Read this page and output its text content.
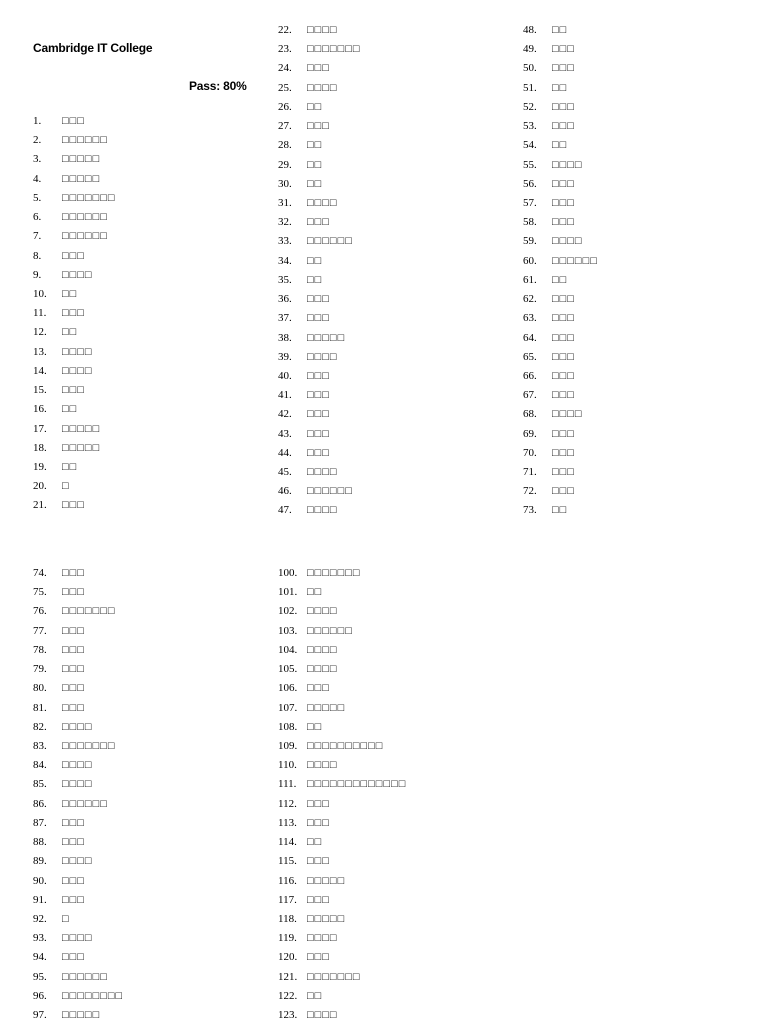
Cambridge IT College
Pass: 80%
1. □□□
2. □□□□□□
3. □□□□□
4. □□□□□
5. □□□□□□□
6. □□□□□□
7. □□□□□□
8. □□□
9. □□□□
10. □□
11. □□□
12. □□
13. □□□□
14. □□□□
15. □□□
16. □□
17. □□□□□
18. □□□□□
19. □□
20. □
21. □□□
22. □□□□
23. □□□□□□□
24. □□□
25. □□□□
26. □□
27. □□□
28. □□
29. □□
30. □□
31. □□□□
32. □□□
33. □□□□□□
34. □□
35. □□
36. □□□
37. □□□
38. □□□□□
39. □□□□
40. □□□
41. □□□
42. □□□
43. □□□
44. □□□
45. □□□□
46. □□□□□□
47. □□□□
48. □□
49. □□□
50. □□□
51. □□
52. □□□
53. □□□
54. □□
55. □□□□
56. □□□
57. □□□
58. □□□
59. □□□□
60. □□□□□□
61. □□
62. □□□
63. □□□
64. □□□
65. □□□
66. □□□
67. □□□
68. □□□□
69. □□□
70. □□□
71. □□□
72. □□□
73. □□
74. □□□
75. □□□
76. □□□□□□□
77. □□□
78. □□□
79. □□□
80. □□□
81. □□□
82. □□□□
83. □□□□□□□
84. □□□□
85. □□□□
86. □□□□□□
87. □□□
88. □□□
89. □□□□
90. □□□
91. □□□
92. □
93. □□□□
94. □□□
95. □□□□□□
96. □□□□□□□□
97. □□□□□
100. □□□□□□□
101. □□
102. □□□□
103. □□□□□□
104. □□□□
105. □□□□
106. □□□
107. □□□□□
108. □□
109. □□□□□□□□□□
110. □□□□
111. □□□□□□□□□□□□□
112. □□□
113. □□□
114. □□
115. □□□
116. □□□□□
117. □□□
118. □□□□□
119. □□□□
120. □□□
121. □□□□□□□
122. □□
123. □□□□
